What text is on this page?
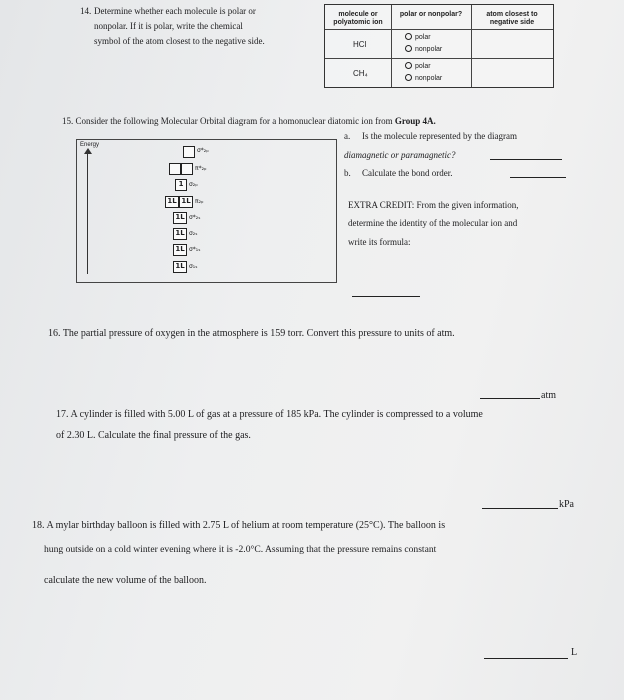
14. Determine whether each molecule is polar or
nonpolar. If it is polar, write the chemical
symbol of the atom closest to the negative side.
molecule or polyatomic ion
polar or nonpolar?	atom closest to negative side
HCl
polar
nonpolar
CH₄
polar
nonpolar
15. Consider the following Molecular Orbital diagram for a homonuclear diatomic ion from Group 4A.
Energy
σ*₂ₚ
π*₂ₚ
1 σ₂ₚ
1L 1L π₂ₚ
1L σ*₂ₛ
1L σ₂ₛ
1L σ*₁ₛ
1L σ₁ₛ
a. Is the molecule represented by the diagram
diamagnetic or paramagnetic?
b. Calculate the bond order.
EXTRA CREDIT: From the given information,
determine the identity of the molecular ion and
write its formula:
16. The partial pressure of oxygen in the atmosphere is 159 torr. Convert this pressure to units of atm.
atm
17. A cylinder is filled with 5.00 L of gas at a pressure of 185 kPa. The cylinder is compressed to a volume
of 2.30 L. Calculate the final pressure of the gas.
kPa
18. A mylar birthday balloon is filled with 2.75 L of helium at room temperature (25°C). The balloon is
hung outside on a cold winter evening where it is -2.0°C. Assuming that the pressure remains constant
calculate the new volume of the balloon.
L
